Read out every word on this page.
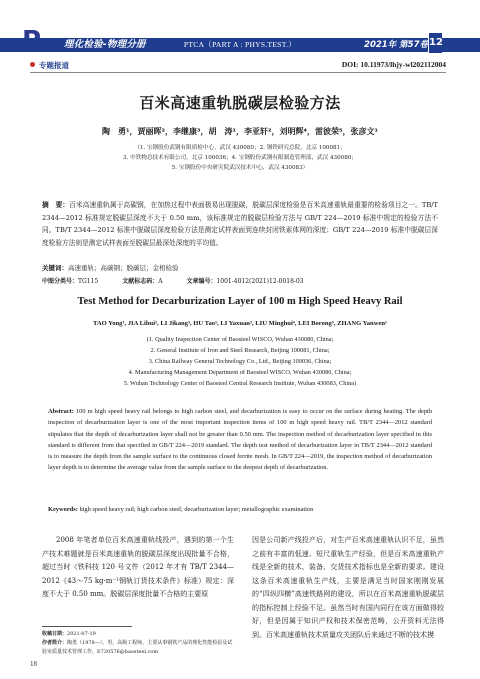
理化检验-物理分册	PTCA（PART A : PHYS.TEST.）	2021年 第57卷 12
专题报道	DOI: 10.11973/lhjy-wl202112004
百米高速重轨脱碳层检验方法
陶　勇¹，贾丽晖²，李继康³，胡　涛¹，李亚轩²，刘明辉⁴，雷彼荣⁵，张彦文¹
（1. 宝钢股份武钢有限质检中心，武汉 430080；2. 钢铁研究总院，北京 100081；
3. 中铁物总技术有限公司，北京 100036；4. 宝钢股份武钢有限制造管理部，武汉 430080；
5. 宝钢股份中央研究院武汉技术中心，武汉 430083）
摘　要：百米高速重轨属于高碳钢，在加热过程中表面极易出现脱碳，脱碳层深度检验是百米高速重轨最重要的检验项目之一。TB/T 2344—2012 标准规定脱碳层深度不大于 0.50 mm，该标准规定的脱碳层检验方法与 GB/T 224—2019 标准中规定的检验方法不同。TB/T 2344—2012 标准中脱碳层深度检验方法是测定试样表面到连续封闭铁素体网的深度；GB/T 224—2019 标准中脱碳层深度检验方法则是测定试样表面至脱碳层最深处深度的平均值。
关键词：高速重轨；高碳钢；脱碳层；金相检验
中图分类号：TG115	文献标志码：A	文章编号：1001-4012(2021)12-0018-03
Test Method for Decarburization Layer of 100 m High Speed Heavy Rail
TAO Yong¹, JIA Lihui², LI Jikang³, HU Tao¹, LI Yaxuan², LIU Minghui⁴, LEI Borong⁵, ZHANG Yanwen¹
(1. Quality Inspection Center of Baosteel WISCO, Wuhan 430080, China;
2. General Institute of Iron and Steel Research, Beijing 100081, China;
3. China Railway General Technology Co., Ltd., Beijing 100036, China;
4. Manufacturing Management Department of Baosteel WISCO, Wuhan 430080, China;
5. Wuhan Technology Center of Baosteel Central Research Institute, Wuhan 430083, China)
Abstract: 100 m high speed heavy rail belongs to high carbon steel, and decarburization is easy to occur on the surface during heating. The depth inspection of decarburization layer is one of the most important inspection items of 100 m high speed heavy rail. TB/T 2344—2012 standard stipulates that the depth of decarburization layer shall not be greater than 0.50 mm. The inspection method of decarburization layer specified in this standard is different from that specified in GB/T 224—2019 standard. The depth test method of decarburization layer in TB/T 2344—2012 standard is to measure the depth from the sample surface to the continuous closed ferrite mesh. In GB/T 224—2019, the inspection method of decarburization layer depth is to determine the average value from the sample surface to the deepest depth of decarburization.
Keywords: high speed heavy rail; high carbon steel; decarburization layer; metallographic examination

2008 年笔者单位百米高速重轨线投产，遇到的第一个生产技术难题就是百米高速重轨的脱碳层深度出现批量不合格，超过当时《铁科技 120 号文件（2012 年才有 TB/T 2344—2012《43～75 kg·m⁻¹钢轨订货技术条件》标准）规定：深度不大于 0.50 mm。脱碳层深度批量不合格的主要原

因是公司新产线投产后，对生产百米高速重轨认识不足，虽然之前有丰富的低速、短尺重轨生产经验，但是百米高速重轨产线是全新的技术、装备、交货技术指标也是全新的要求。建设这条百米高速重轨生产线，主要是满足当时国家刚刚发展的“四纵四横”高速铁路网的建设，所以在百米高速重轨脱碳层的指标控制上经验不足。虽然当时有国内同行在该方面做得较好，但是因属于知识产权和技术保密范畴，公开资料无法得到。百米高速重轨技术质量攻关团队后来通过不断的技术摸

收稿日期：2021-07-19
作者简介：陶勇（1978—），男，高级工程师，主要从事钢铁产品的理化性能检验及试验室质量技术管理工作，E720576@baosteel.com
18
